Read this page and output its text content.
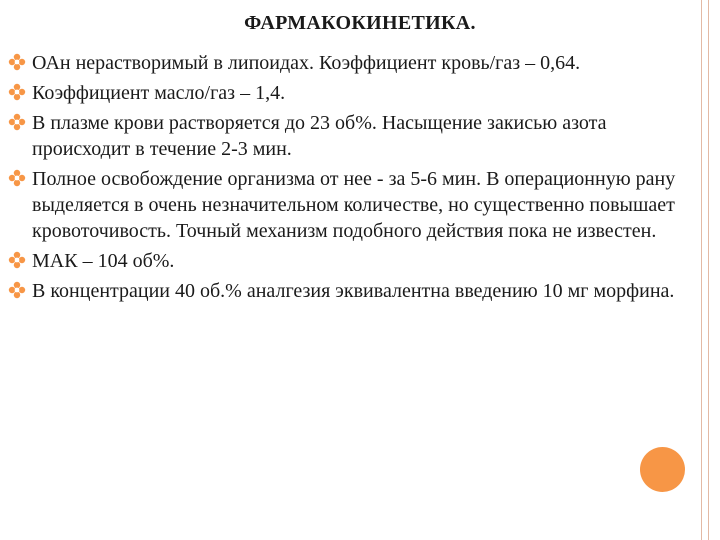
ФАРМАКОКИНЕТИКА.
ОАн нерастворимый в липоидах. Коэффициент кровь/газ – 0,64.
Коэффициент масло/газ – 1,4.
В плазме крови растворяется до 23 об%. Насыщение закисью азота происходит в течение 2-3 мин.
Полное освобождение организма от нее - за 5-6 мин. В операционную рану выделяется в очень незначительном количестве, но существенно повышает кровоточивость. Точный механизм подобного действия пока не известен.
МАК – 104 об%.
В концентрации 40 об.% аналгезия эквивалентна введению 10 мг морфина.
